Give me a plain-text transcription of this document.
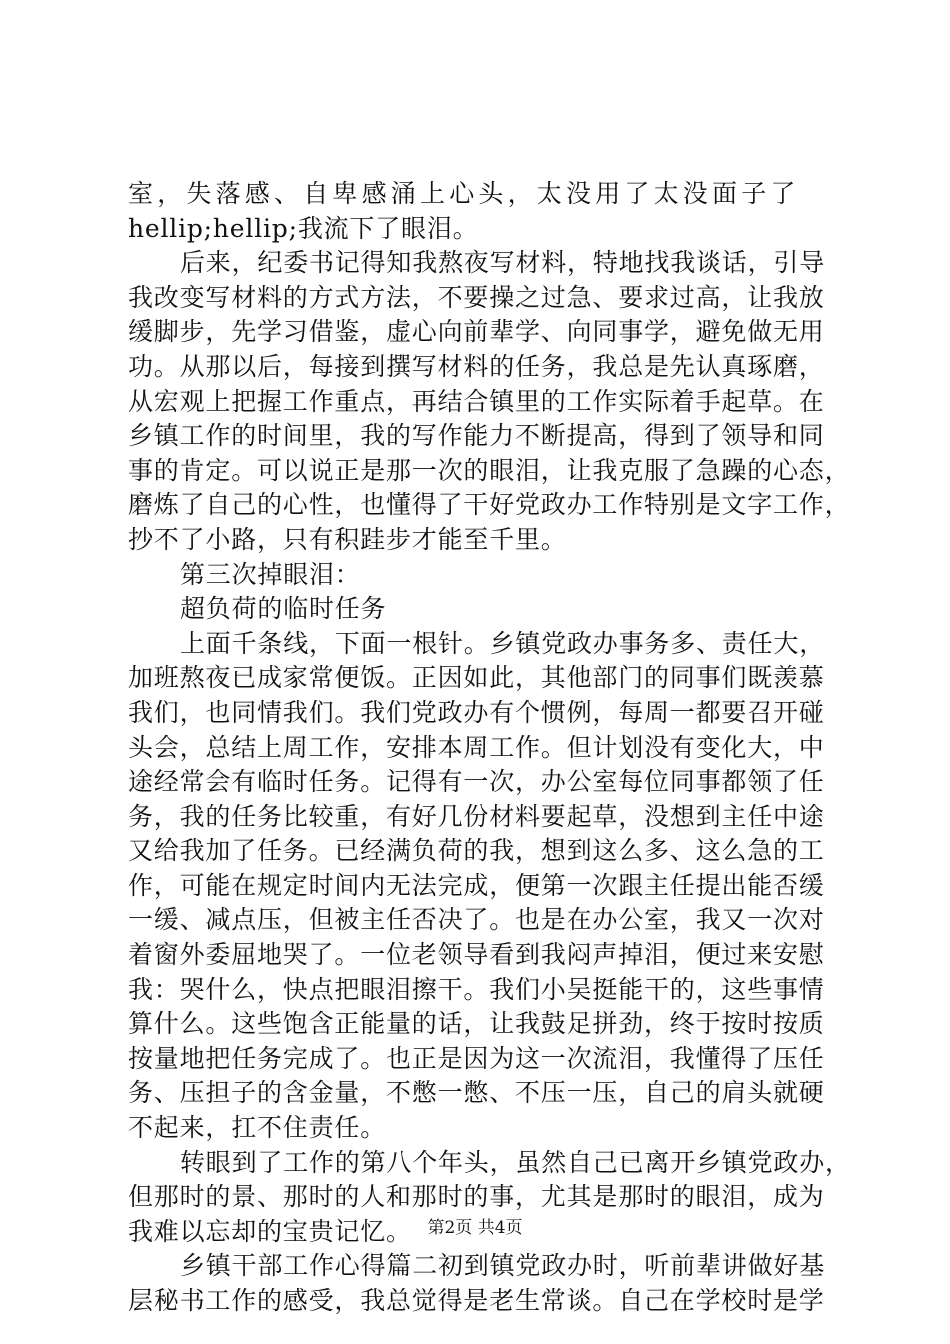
室，失落感、自卑感涌上心头，太没用了太没面子了
hellip;hellip;我流下了眼泪。
后来，纪委书记得知我熬夜写材料，特地找我谈话，引导
我改变写材料的方式方法，不要操之过急、要求过高，让我放
缓脚步，先学习借鉴，虚心向前辈学、向同事学，避免做无用
功。从那以后，每接到撰写材料的任务，我总是先认真琢磨，
从宏观上把握工作重点，再结合镇里的工作实际着手起草。在
乡镇工作的时间里，我的写作能力不断提高，得到了领导和同
事的肯定。可以说正是那一次的眼泪，让我克服了急躁的心态，
磨炼了自己的心性，也懂得了干好党政办工作特别是文字工作，
抄不了小路，只有积跬步才能至千里。
第三次掉眼泪：
超负荷的临时任务
上面千条线，下面一根针。乡镇党政办事务多、责任大，
加班熬夜已成家常便饭。正因如此，其他部门的同事们既羡慕
我们，也同情我们。我们党政办有个惯例，每周一都要召开碰
头会，总结上周工作，安排本周工作。但计划没有变化大，中
途经常会有临时任务。记得有一次，办公室每位同事都领了任
务，我的任务比较重，有好几份材料要起草，没想到主任中途
又给我加了任务。已经满负荷的我，想到这么多、这么急的工
作，可能在规定时间内无法完成，便第一次跟主任提出能否缓
一缓、减点压，但被主任否决了。也是在办公室，我又一次对
着窗外委屈地哭了。一位老领导看到我闷声掉泪，便过来安慰
我：哭什么，快点把眼泪擦干。我们小吴挺能干的，这些事情
算什么。这些饱含正能量的话，让我鼓足拼劲，终于按时按质
按量地把任务完成了。也正是因为这一次流泪，我懂得了压任
务、压担子的含金量，不憋一憋、不压一压，自己的肩头就硬
不起来，扛不住责任。
转眼到了工作的第八个年头，虽然自己已离开乡镇党政办，
但那时的景、那时的人和那时的事，尤其是那时的眼泪，成为
我难以忘却的宝贵记忆。
乡镇干部工作心得篇二初到镇党政办时，听前辈讲做好基
层秘书工作的感受，我总觉得是老生常谈。自己在学校时是学
第2页 共4页
